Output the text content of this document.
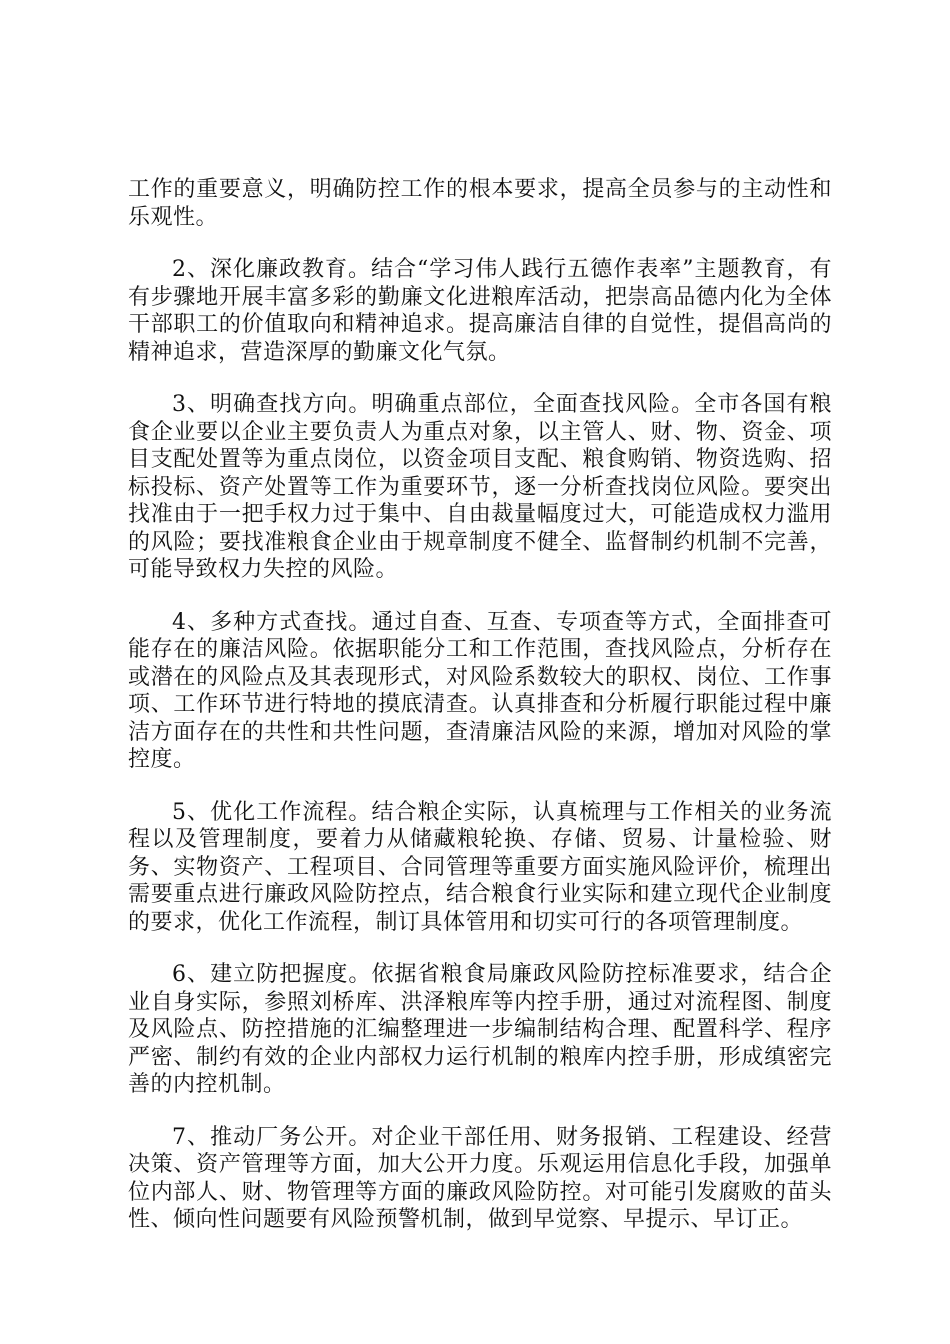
工作的重要意义，明确防控工作的根本要求，提高全员参与的主动性和乐观性。

2、深化廉政教育。结合“学习伟人践行五德作表率”主题教育，有有步骤地开展丰富多彩的勤廉文化进粮库活动，把崇高品德内化为全体干部职工的价值取向和精神追求。提高廉洁自律的自觉性，提倡高尚的精神追求，营造深厚的勤廉文化气氛。

3、明确查找方向。明确重点部位，全面查找风险。全市各国有粮食企业要以企业主要负责人为重点对象，以主管人、财、物、资金、项目支配处置等为重点岗位，以资金项目支配、粮食购销、物资选购、招标投标、资产处置等工作为重要环节，逐一分析查找岗位风险。要突出找准由于一把手权力过于集中、自由裁量幅度过大，可能造成权力滥用的风险；要找准粮食企业由于规章制度不健全、监督制约机制不完善，可能导致权力失控的风险。

4、多种方式查找。通过自查、互查、专项查等方式，全面排查可能存在的廉洁风险。依据职能分工和工作范围，查找风险点，分析存在或潜在的风险点及其表现形式，对风险系数较大的职权、岗位、工作事项、工作环节进行特地的摸底清查。认真排查和分析履行职能过程中廉洁方面存在的共性和共性问题，查清廉洁风险的来源，增加对风险的掌控度。

5、优化工作流程。结合粮企实际，认真梳理与工作相关的业务流程以及管理制度，要着力从储藏粮轮换、存储、贸易、计量检验、财务、实物资产、工程项目、合同管理等重要方面实施风险评价，梳理出需要重点进行廉政风险防控点，结合粮食行业实际和建立现代企业制度的要求，优化工作流程，制订具体管用和切实可行的各项管理制度。

6、建立防把握度。依据省粮食局廉政风险防控标准要求，结合企业自身实际，参照刘桥库、洪泽粮库等内控手册，通过对流程图、制度及风险点、防控措施的汇编整理进一步编制结构合理、配置科学、程序严密、制约有效的企业内部权力运行机制的粮库内控手册，形成缜密完善的内控机制。

7、推动厂务公开。对企业干部任用、财务报销、工程建设、经营决策、资产管理等方面，加大公开力度。乐观运用信息化手段，加强单位内部人、财、物管理等方面的廉政风险防控。对可能引发腐败的苗头性、倾向性问题要有风险预警机制，做到早觉察、早提示、早订正。
